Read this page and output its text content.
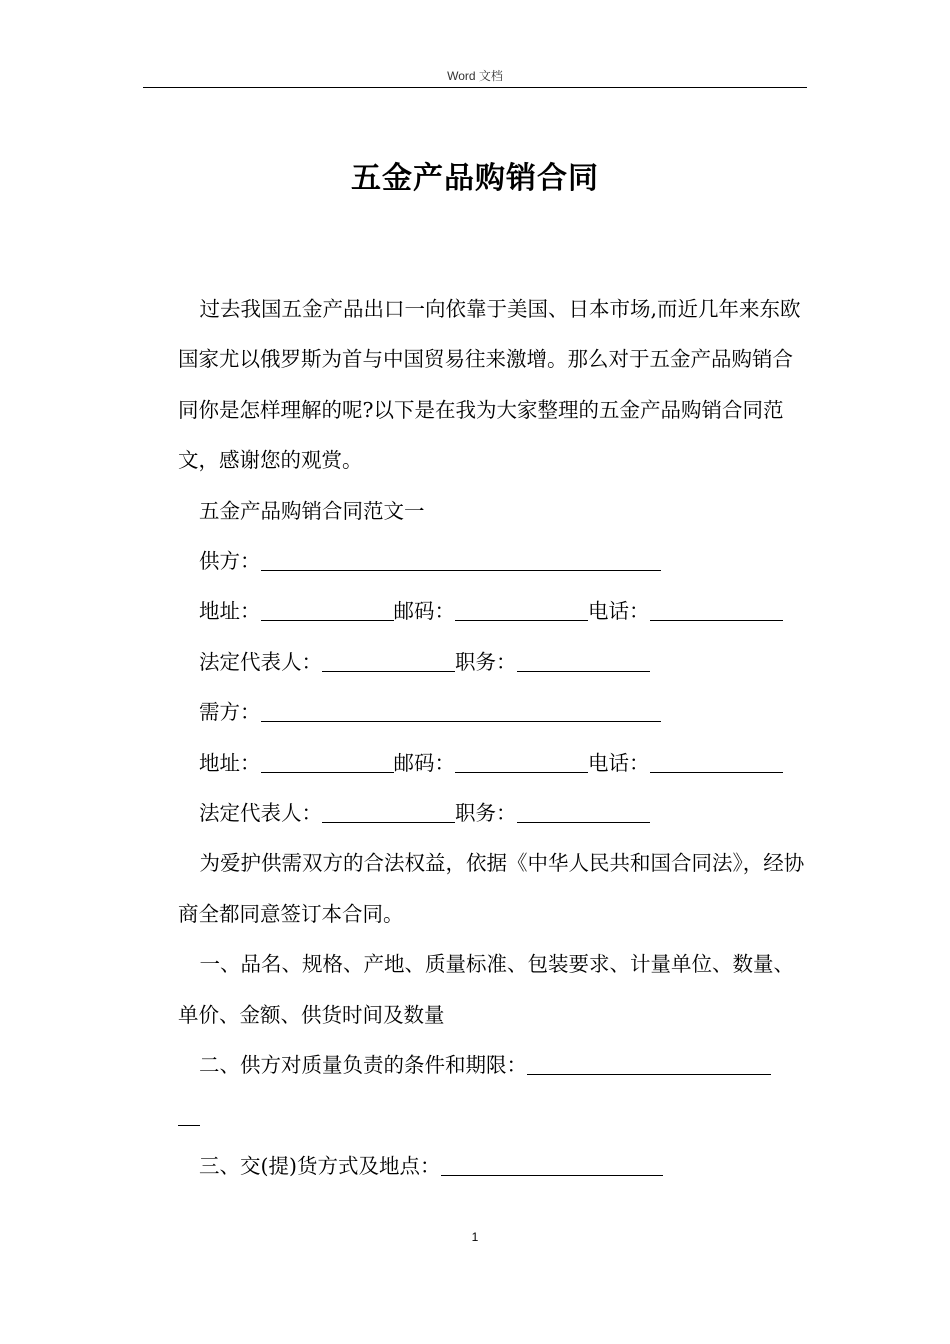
Word 文档
五金产品购销合同

过去我国五金产品出口一向依靠于美国、日本市场,而近几年来东欧国家尤以俄罗斯为首与中国贸易往来激增。那么对于五金产品购销合同你是怎样理解的呢?以下是在我为大家整理的五金产品购销合同范文，感谢您的观赏。

五金产品购销合同范文一

供方：

地址：	邮码：	电话：

法定代表人：	职务：

需方：

地址：	邮码：	电话：

法定代表人：	职务：

为爱护供需双方的合法权益，依据《中华人民共和国合同法》，经协商全都同意签订本合同。

一、品名、规格、产地、质量标准、包装要求、计量单位、数量、单价、金额、供货时间及数量

二、供方对质量负责的条件和期限：

三、交(提)货方式及地点：

1
